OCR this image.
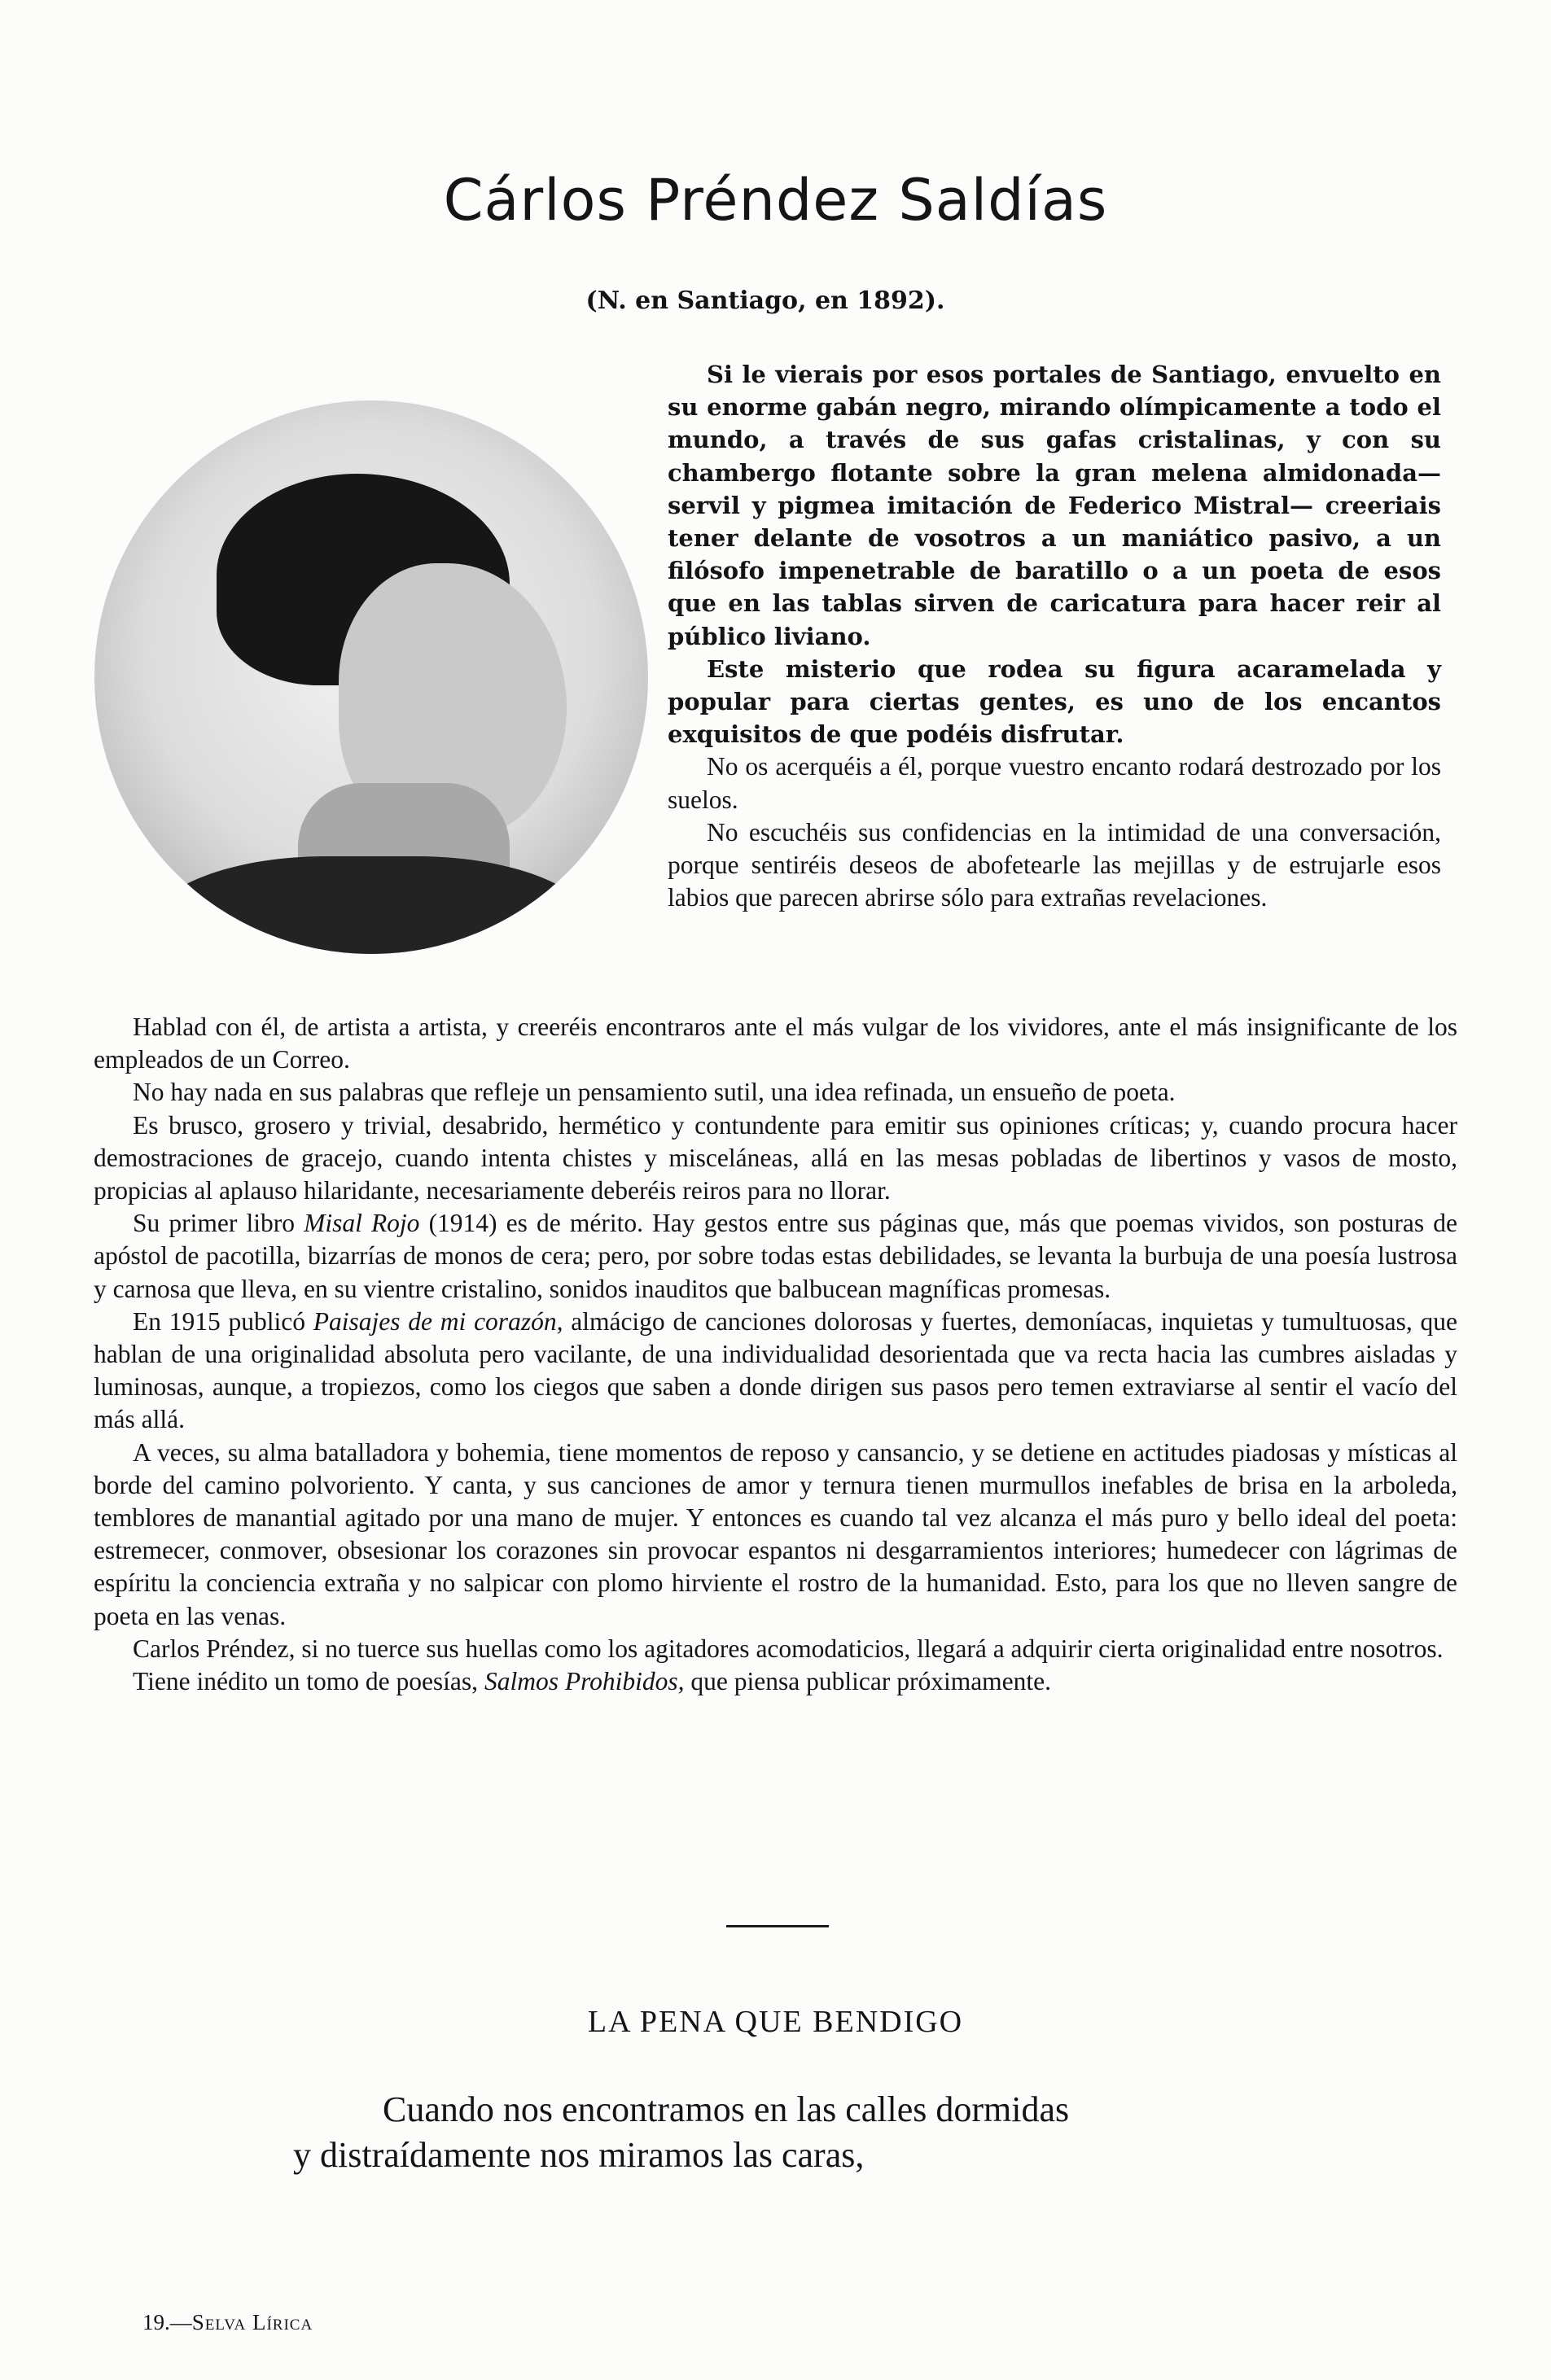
Cárlos Préndez Saldías
(N. en Santiago, en 1892).

Si le vierais por esos portales de Santiago, envuelto en su enorme gabán negro, mirando olímpicamente a todo el mundo, a través de sus gafas cristalinas, y con su chambergo flotante sobre la gran melena almidonada—servil y pigmea imitación de Federico Mistral— creeriais tener delante de vosotros a un maniático pasivo, a un filósofo impenetrable de baratillo o a un poeta de esos que en las tablas sirven de caricatura para hacer reir al público liviano.

Este misterio que rodea su figura acaramelada y popular para ciertas gentes, es uno de los encantos exquisitos de que podéis disfrutar.

No os acerquéis a él, porque vuestro encanto rodará destrozado por los suelos.

No escuchéis sus confidencias en la intimidad de una conversación, porque sentiréis deseos de abofetearle las mejillas y de estrujarle esos labios que parecen abrirse sólo para extrañas revelaciones.

Hablad con él, de artista a artista, y creeréis encontraros ante el más vulgar de los vividores, ante el más insignificante de los empleados de un Correo.

No hay nada en sus palabras que refleje un pensamiento sutil, una idea refinada, un ensueño de poeta.

Es brusco, grosero y trivial, desabrido, hermético y contundente para emitir sus opiniones críticas; y, cuando procura hacer demostraciones de gracejo, cuando intenta chistes y misceláneas, allá en las mesas pobladas de libertinos y vasos de mosto, propicias al aplauso hilaridante, necesariamente deberéis reiros para no llorar.

Su primer libro Misal Rojo (1914) es de mérito. Hay gestos entre sus páginas que, más que poemas vividos, son posturas de apóstol de pacotilla, bizarrías de monos de cera; pero, por sobre todas estas debilidades, se levanta la burbuja de una poesía lustrosa y carnosa que lleva, en su vientre cristalino, sonidos inauditos que balbucean magníficas promesas.

En 1915 publicó Paisajes de mi corazón, almácigo de canciones dolorosas y fuertes, demoníacas, inquietas y tumultuosas, que hablan de una originalidad absoluta pero vacilante, de una individualidad desorientada que va recta hacia las cumbres aisladas y luminosas, aunque, a tropiezos, como los ciegos que saben a donde dirigen sus pasos pero temen extraviarse al sentir el vacío del más allá.

A veces, su alma batalladora y bohemia, tiene momentos de reposo y cansancio, y se detiene en actitudes piadosas y místicas al borde del camino polvoriento. Y canta, y sus canciones de amor y ternura tienen murmullos inefables de brisa en la arboleda, temblores de manantial agitado por una mano de mujer. Y entonces es cuando tal vez alcanza el más puro y bello ideal del poeta: estremecer, conmover, obsesionar los corazones sin provocar espantos ni desgarramientos interiores; humedecer con lágrimas de espíritu la conciencia extraña y no salpicar con plomo hirviente el rostro de la humanidad. Esto, para los que no lleven sangre de poeta en las venas.

Carlos Préndez, si no tuerce sus huellas como los agitadores acomodaticios, llegará a adquirir cierta originalidad entre nosotros.

Tiene inédito un tomo de poesías, Salmos Prohibidos, que piensa publicar próximamente.

LA PENA QUE BENDIGO
Cuando nos encontramos en las calles dormidas
y distraídamente nos miramos las caras,
19.—Selva Lírica
